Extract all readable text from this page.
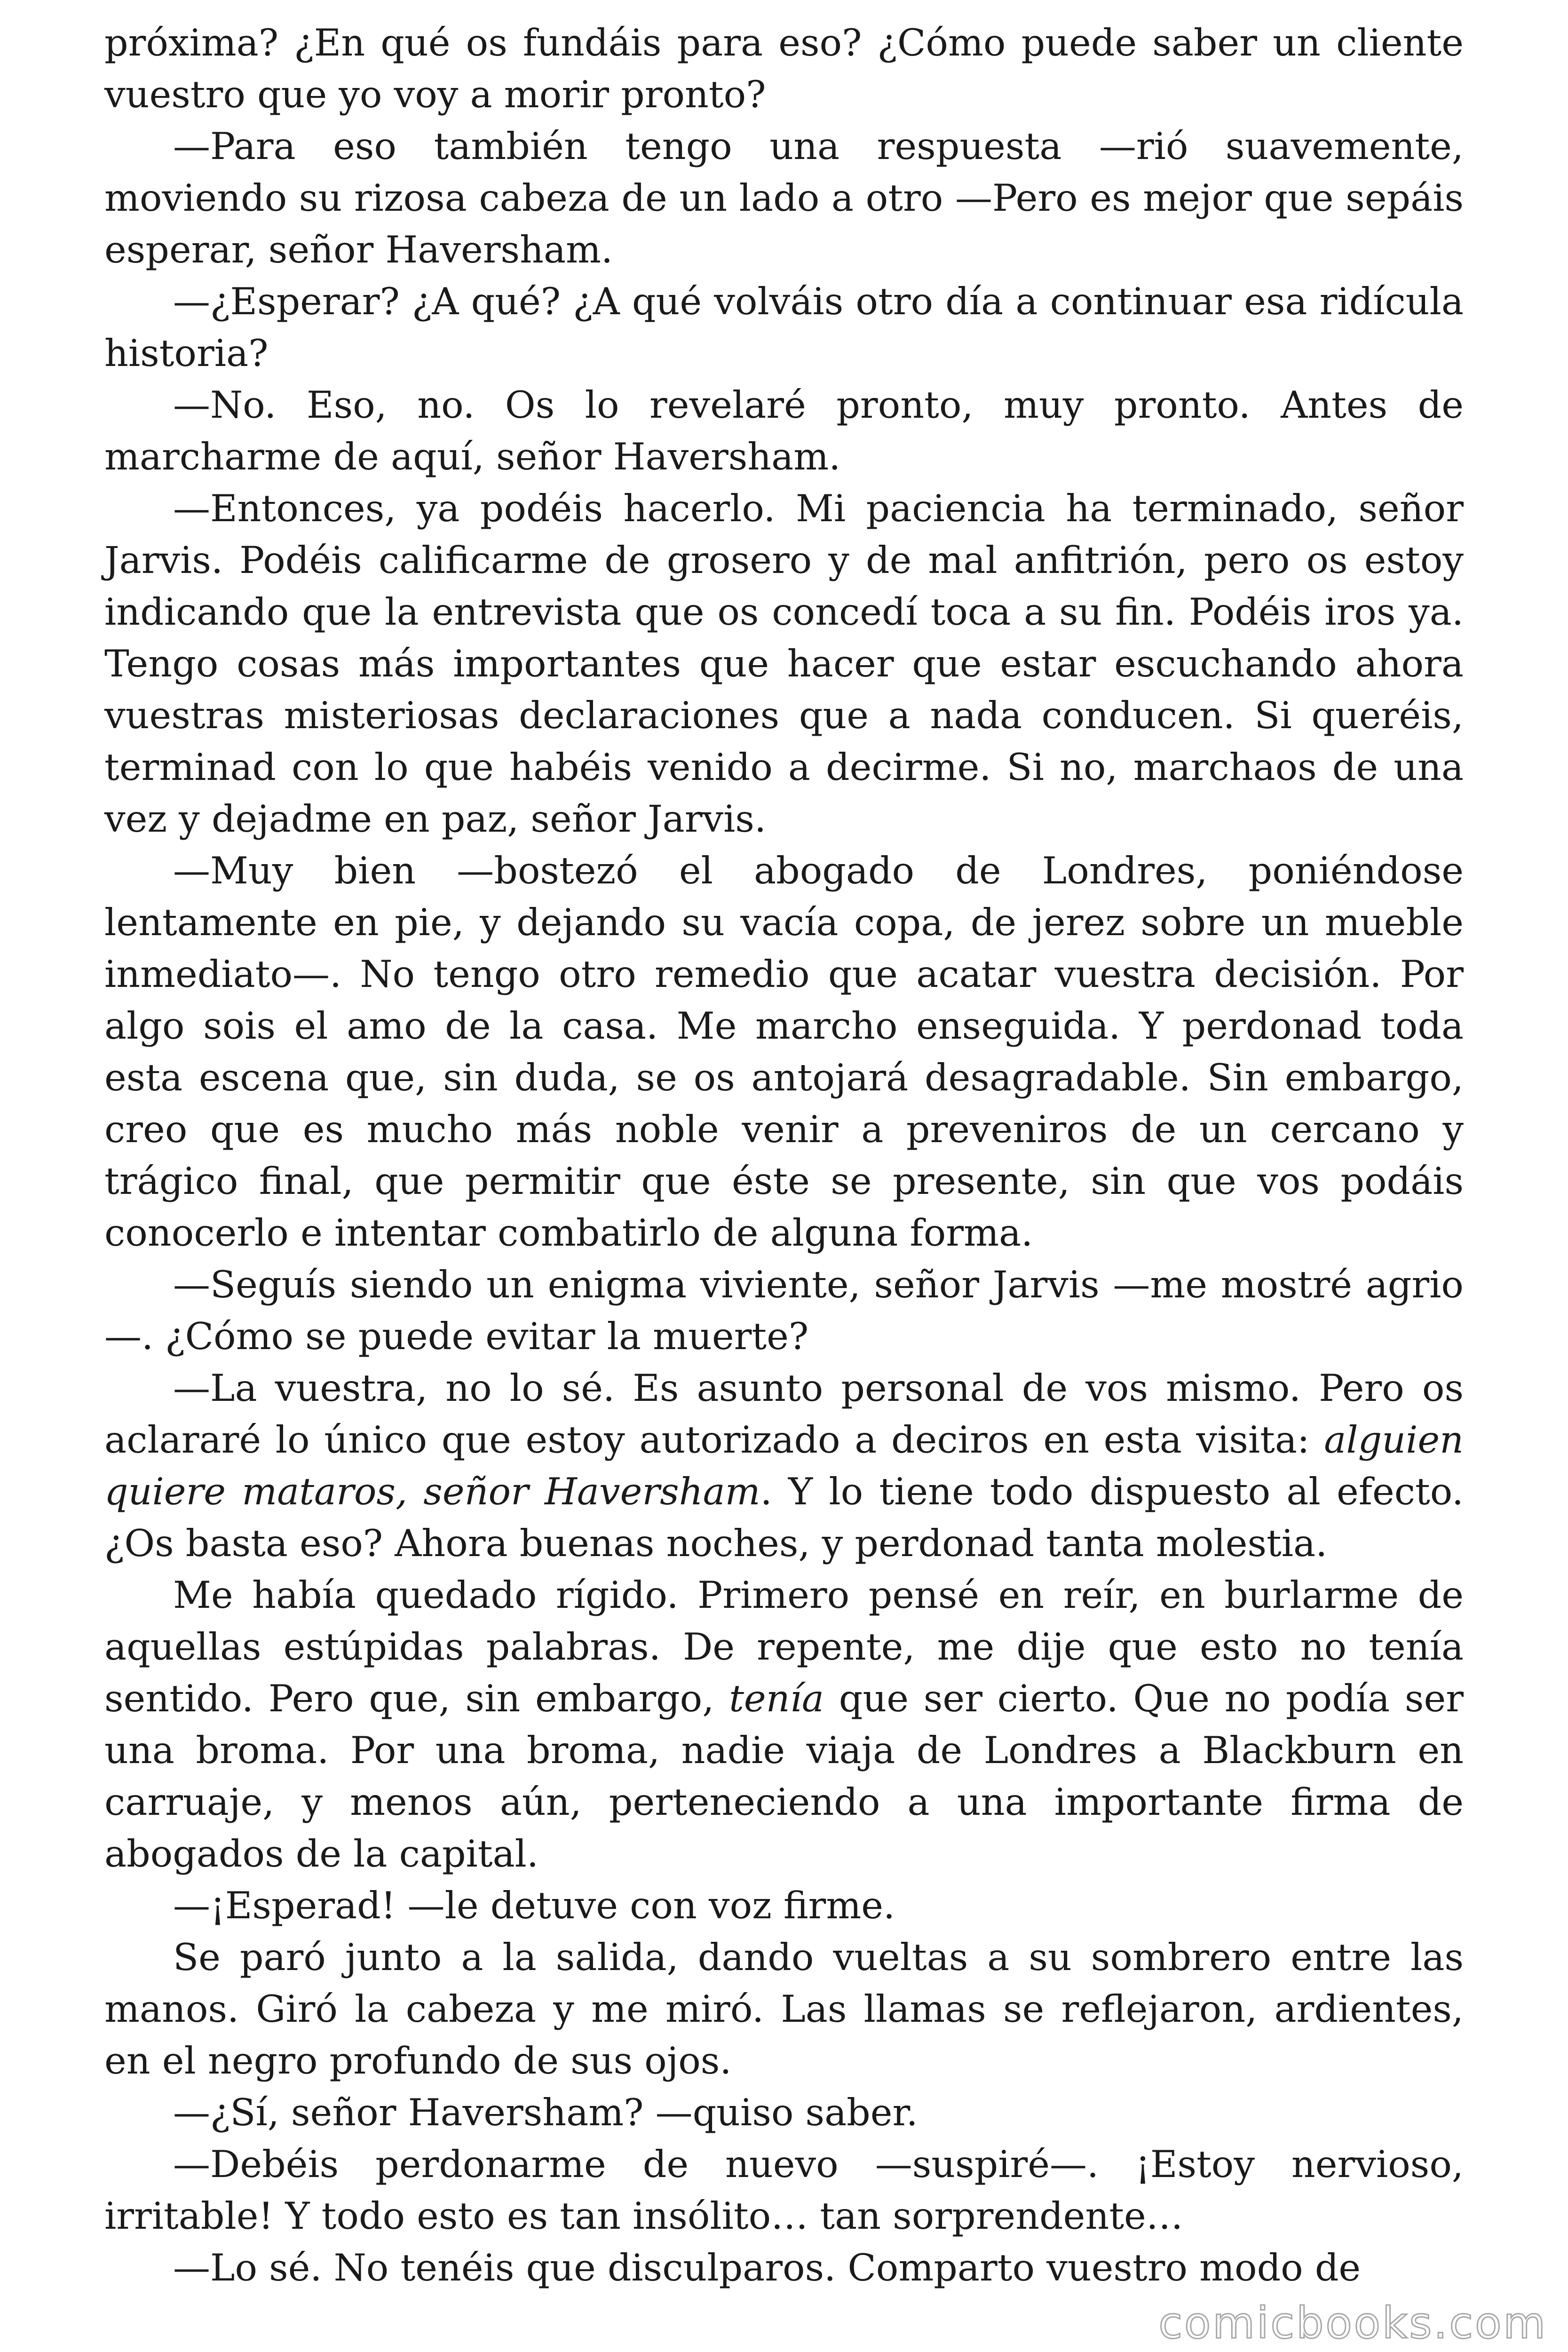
próxima? ¿En qué os fundáis para eso? ¿Cómo puede saber un cliente vuestro que yo voy a morir pronto?

—Para eso también tengo una respuesta —rió suavemente, moviendo su rizosa cabeza de un lado a otro —Pero es mejor que sepáis esperar, señor Haversham.

—¿Esperar? ¿A qué? ¿A qué volváis otro día a continuar esa ridícula historia?

—No. Eso, no. Os lo revelaré pronto, muy pronto. Antes de marcharme de aquí, señor Haversham.

—Entonces, ya podéis hacerlo. Mi paciencia ha terminado, señor Jarvis. Podéis calificarme de grosero y de mal anfitrión, pero os estoy indicando que la entrevista que os concedí toca a su fin. Podéis iros ya. Tengo cosas más importantes que hacer que estar escuchando ahora vuestras misteriosas declaraciones que a nada conducen. Si queréis, terminad con lo que habéis venido a decirme. Si no, marchaos de una vez y dejadme en paz, señor Jarvis.

—Muy bien —bostezó el abogado de Londres, poniéndose lentamente en pie, y dejando su vacía copa, de jerez sobre un mueble inmediato—. No tengo otro remedio que acatar vuestra decisión. Por algo sois el amo de la casa. Me marcho enseguida. Y perdonad toda esta escena que, sin duda, se os antojará desagradable. Sin embargo, creo que es mucho más noble venir a preveniros de un cercano y trágico final, que permitir que éste se presente, sin que vos podáis conocerlo e intentar combatirlo de alguna forma.

—Seguís siendo un enigma viviente, señor Jarvis —me mostré agrio—. ¿Cómo se puede evitar la muerte?

—La vuestra, no lo sé. Es asunto personal de vos mismo. Pero os aclararé lo único que estoy autorizado a deciros en esta visita: alguien quiere mataros, señor Haversham. Y lo tiene todo dispuesto al efecto. ¿Os basta eso? Ahora buenas noches, y perdonad tanta molestia.

Me había quedado rígido. Primero pensé en reír, en burlarme de aquellas estúpidas palabras. De repente, me dije que esto no tenía sentido. Pero que, sin embargo, tenía que ser cierto. Que no podía ser una broma. Por una broma, nadie viaja de Londres a Blackburn en carruaje, y menos aún, perteneciendo a una importante firma de abogados de la capital.

—¡Esperad! —le detuve con voz firme.

Se paró junto a la salida, dando vueltas a su sombrero entre las manos. Giró la cabeza y me miró. Las llamas se reflejaron, ardientes, en el negro profundo de sus ojos.

—¿Sí, señor Haversham? —quiso saber.

—Debéis perdonarme de nuevo —suspiré—. ¡Estoy nervioso, irritable! Y todo esto es tan insólito… tan sorprendente…

—Lo sé. No tenéis que disculparos. Comparto vuestro modo de

comicbooks.com
